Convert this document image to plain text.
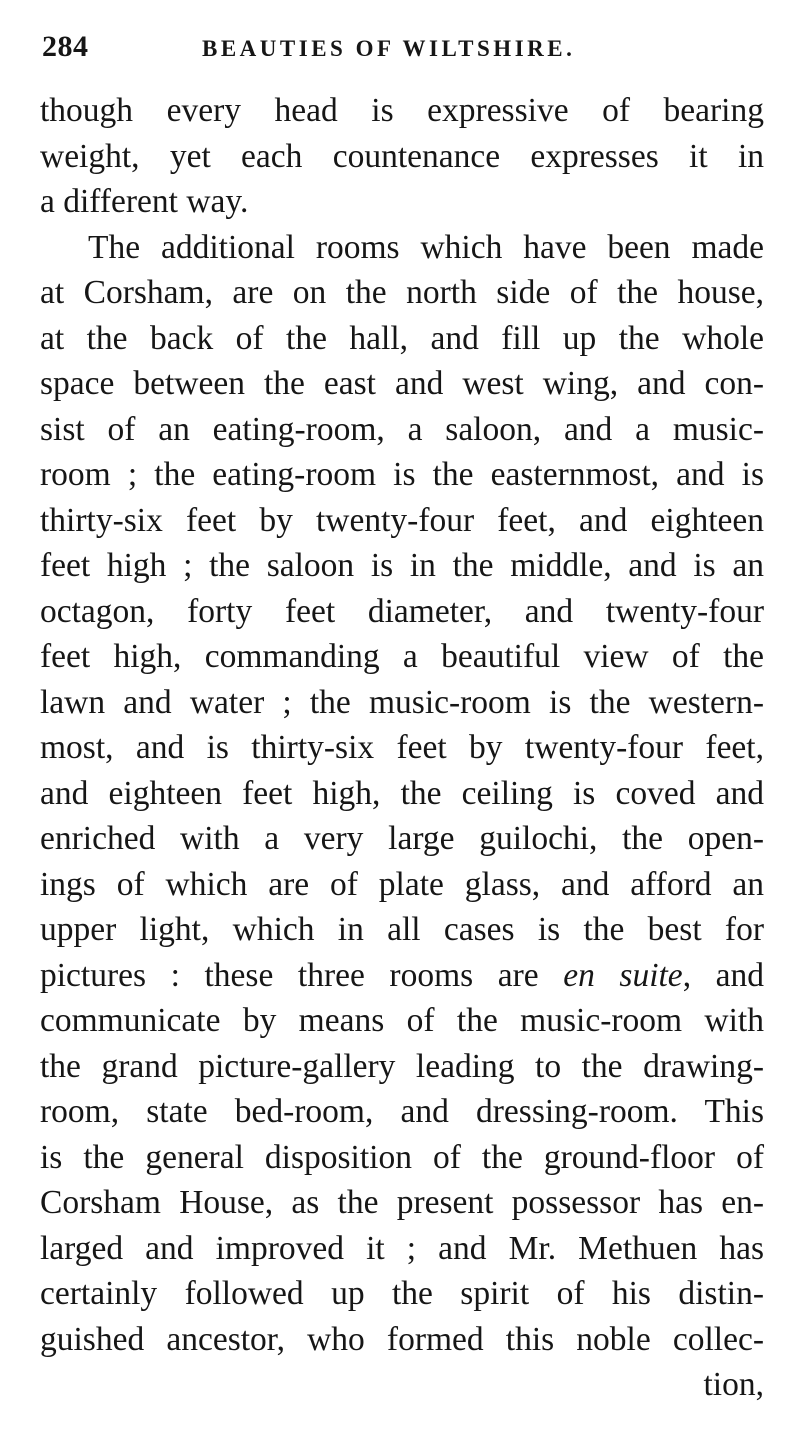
284	BEAUTIES OF WILTSHIRE.
though every head is expressive of bearing
weight, yet each countenance expresses it in
a different way.
The additional rooms which have been made
at Corsham, are on the north side of the house,
at the back of the hall, and fill up the whole
space between the east and west wing, and con-
sist of an eating-room, a saloon, and a music-
room ; the eating-room is the easternmost, and is
thirty-six feet by twenty-four feet, and eighteen
feet high ; the saloon is in the middle, and is an
octagon, forty feet diameter, and twenty-four
feet high, commanding a beautiful view of the
lawn and water ; the music-room is the western-
most, and is thirty-six feet by twenty-four feet,
and eighteen feet high, the ceiling is coved and
enriched with a very large guilochi, the open-
ings of which are of plate glass, and afford an
upper light, which in all cases is the best for
pictures : these three rooms are en suite, and
communicate by means of the music-room with
the grand picture-gallery leading to the drawing-
room, state bed-room, and dressing-room. This
is the general disposition of the ground-floor of
Corsham House, as the present possessor has en-
larged and improved it ; and Mr. Methuen has
certainly followed up the spirit of his distin-
guished ancestor, who formed this noble collec-
tion,
